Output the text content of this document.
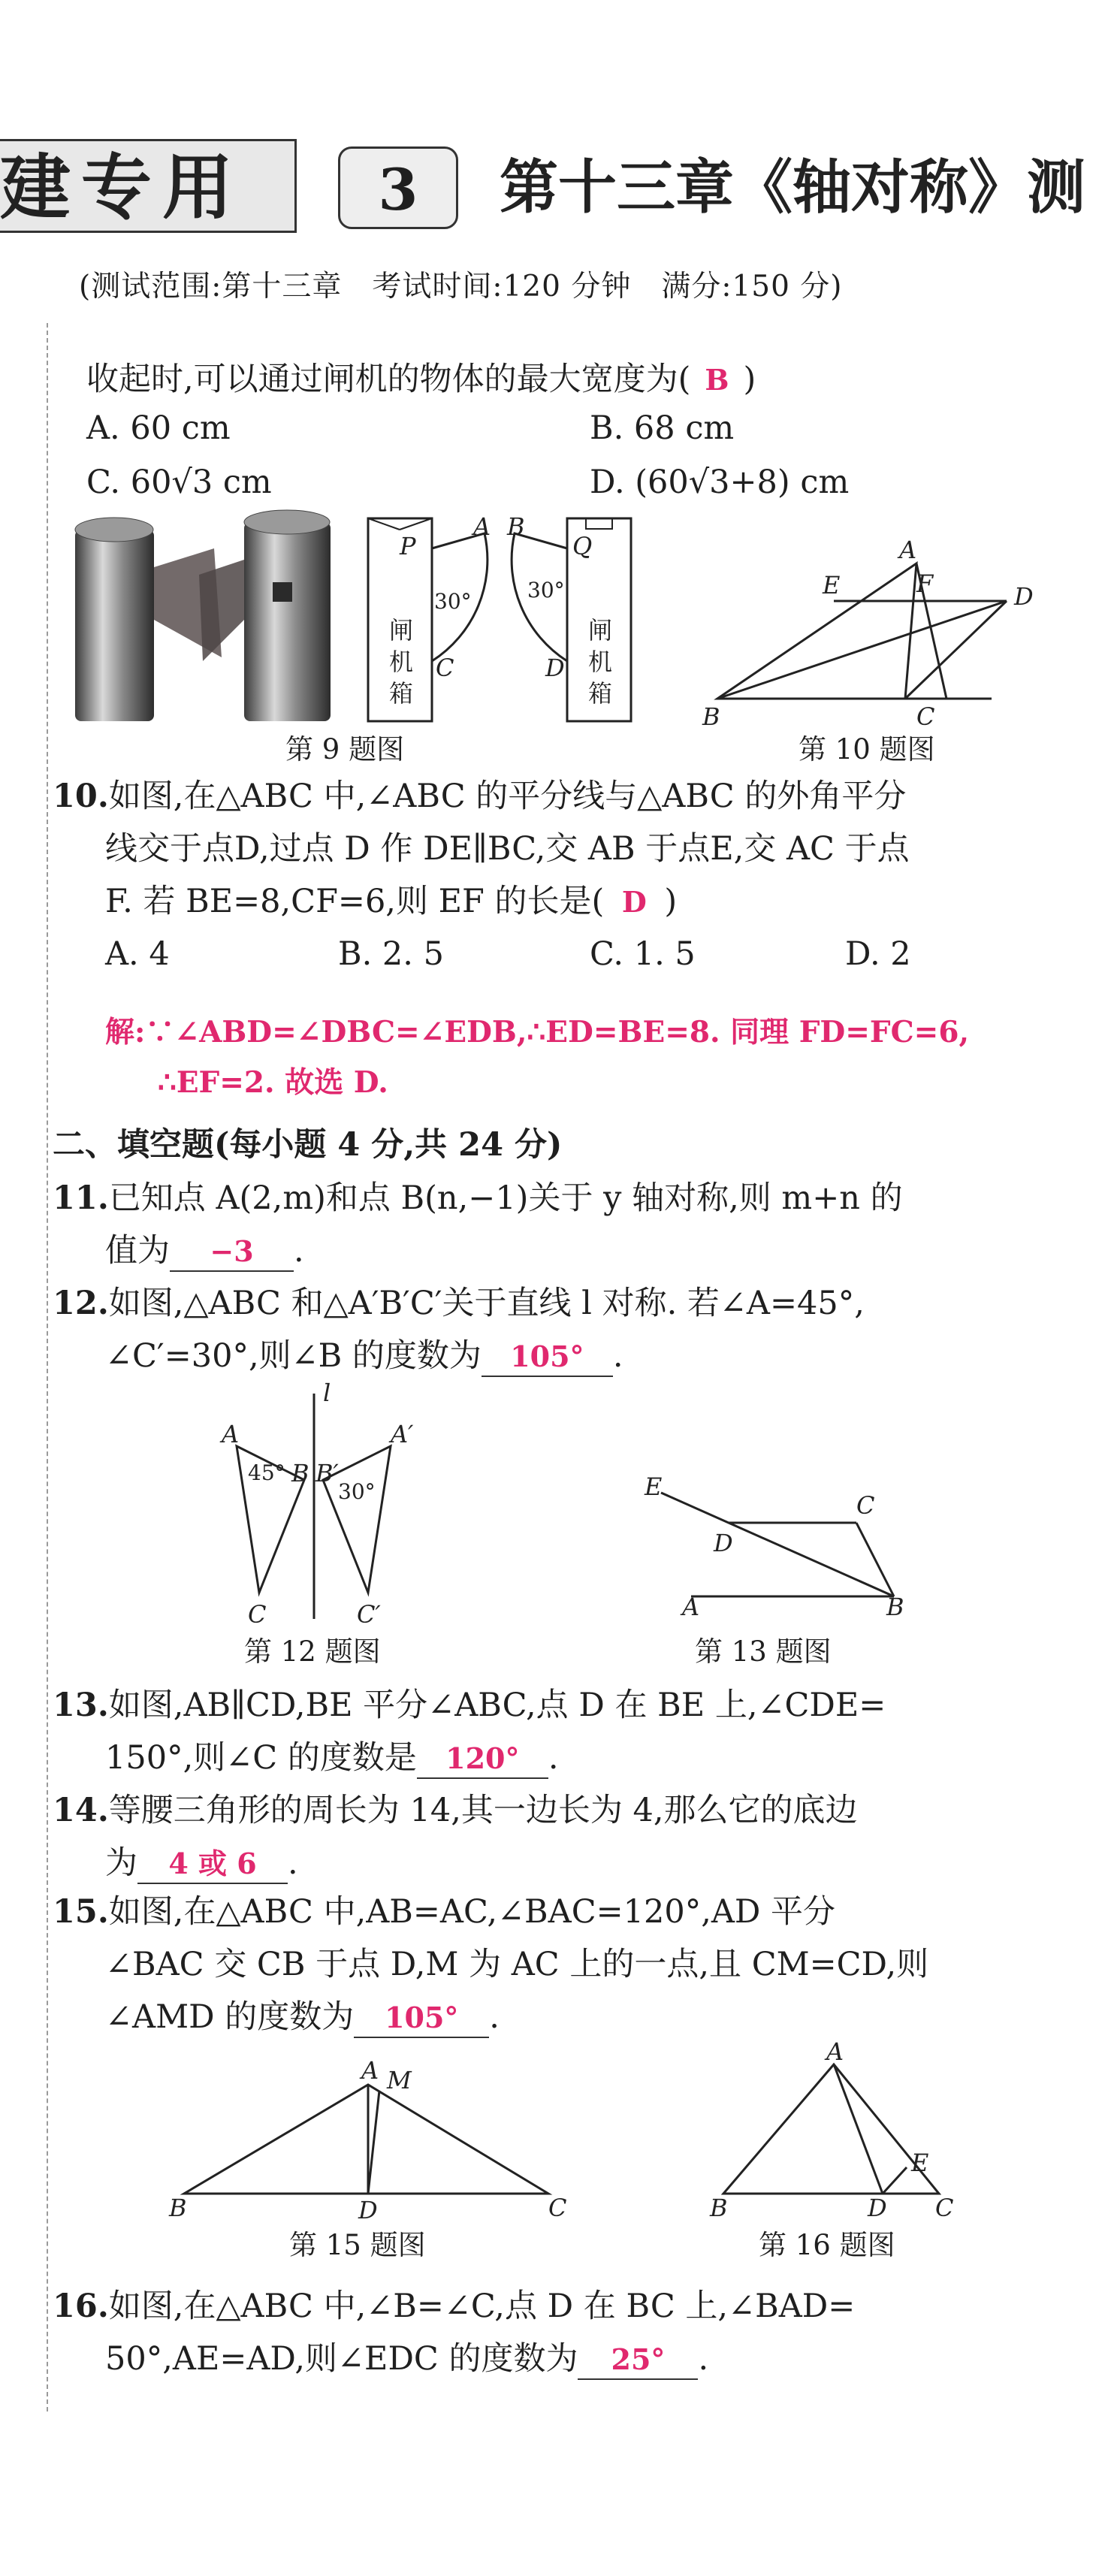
建专用	3	第十三章《轴对称》测
(测试范围:第十三章　考试时间:120 分钟　满分:150 分)
收起时,可以通过闸机的物体的最大宽度为( B )
A. 60 cm	B. 68 cm
C. 60√3 cm	D. (60√3+8) cm
P
A B
Q
C	D
30°	30°
闸
机
箱
闸
机
箱
第 9 题图
A
E	F	D
B	C
第 10 题图
10.如图,在△ABC 中,∠ABC 的平分线与△ABC 的外角平分
线交于点D,过点 D 作 DE∥BC,交 AB 于点E,交 AC 于点
F. 若 BE=8,CF=6,则 EF 的长是( D )
A. 4	B. 2. 5	C. 1. 5	D. 2
解:∵∠ABD=∠DBC=∠EDB,∴ED=BE=8. 同理 FD=FC=6,
∴EF=2. 故选 D.
二、填空题(每小题 4 分,共 24 分)
11.已知点 A(2,m)和点 B(n,−1)关于 y 轴对称,则 m+n 的
值为 −3 .
12.如图,△ABC 和△A′B′C′关于直线 l 对称. 若∠A=45°,
∠C′=30°,则∠B 的度数为 105° .
l
A
B B′
A′
C	C′
45°
30°
第 12 题图
E
D
C
A	B
第 13 题图
13.如图,AB∥CD,BE 平分∠ABC,点 D 在 BE 上,∠CDE=
150°,则∠C 的度数是 120° .
14.等腰三角形的周长为 14,其一边长为 4,那么它的底边
为 4 或 6 .
15.如图,在△ABC 中,AB=AC,∠BAC=120°,AD 平分
∠BAC 交 CB 于点 D,M 为 AC 上的一点,且 CM=CD,则
∠AMD 的度数为 105° .
A M
B	D	C
第 15 题图
A
E
B	D C
第 16 题图
16.如图,在△ABC 中,∠B=∠C,点 D 在 BC 上,∠BAD=
50°,AE=AD,则∠EDC 的度数为 25° .
